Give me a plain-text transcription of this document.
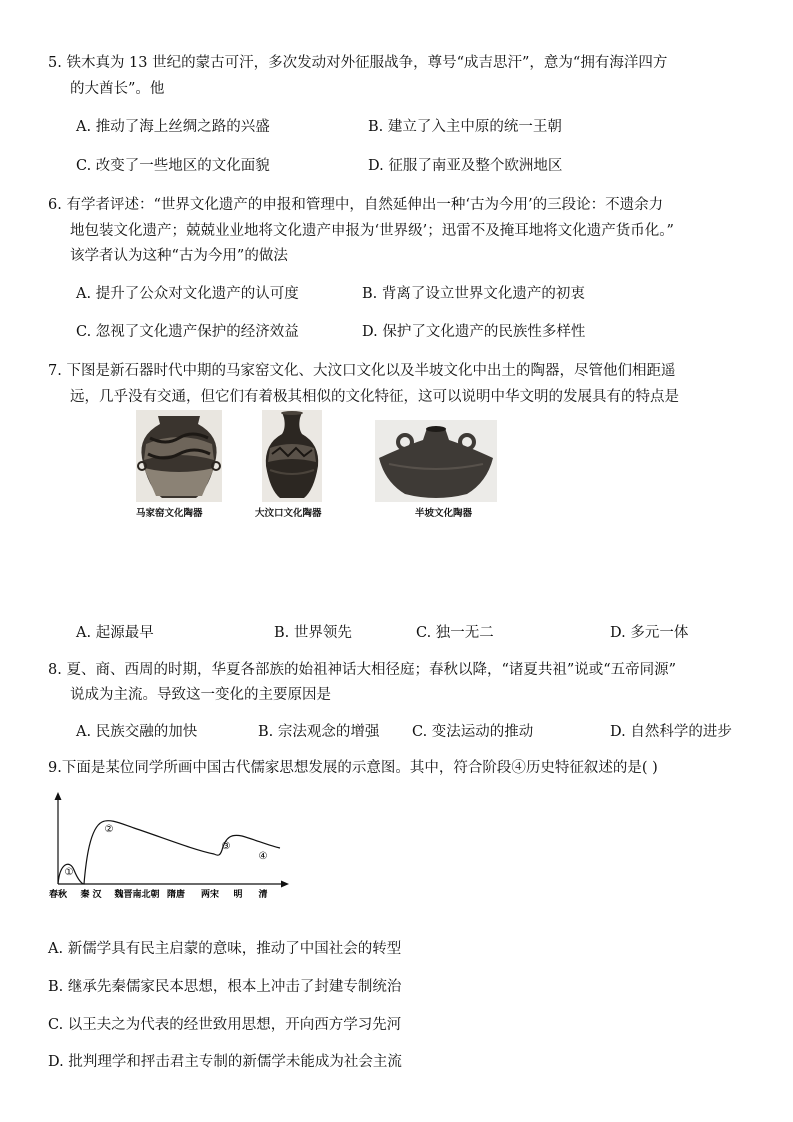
5. 铁木真为 13 世纪的蒙古可汗，多次发动对外征服战争，尊号“成吉思汗”，意为“拥有海洋四方
的大酋长”。他
A. 推动了海上丝绸之路的兴盛	B. 建立了入主中原的统一王朝
C. 改变了一些地区的文化面貌	D. 征服了南亚及整个欧洲地区
6. 有学者评述：“世界文化遗产的申报和管理中，自然延伸出一种‘古为今用’的三段论：不遗余力
地包装文化遗产；兢兢业业地将文化遗产申报为‘世界级’；迅雷不及掩耳地将文化遗产货币化。”
该学者认为这种“古为今用”的做法
A. 提升了公众对文化遗产的认可度	B. 背离了设立世界文化遗产的初衷
C. 忽视了文化遗产保护的经济效益	D. 保护了文化遗产的民族性多样性
7. 下图是新石器时代中期的马家窑文化、大汶口文化以及半坡文化中出土的陶器，尽管他们相距遥
远，几乎没有交通，但它们有着极其相似的文化特征，这可以说明中华文明的发展具有的特点是
马家窑文化陶器	大汶口文化陶器	半坡文化陶器
A. 起源最早	B. 世界领先	C. 独一无二	D. 多元一体
8. 夏、商、西周的时期，华夏各部族的始祖神话大相径庭；春秋以降，“诸夏共祖”说或“五帝同源”
说成为主流。导致这一变化的主要原因是
A. 民族交融的加快	B. 宗法观念的增强 C. 变法运动的推动	D. 自然科学的进步
9.下面是某位同学所画中国古代儒家思想发展的示意图。其中，符合阶段④历史特征叙述的是( )
①
②
③
④
春秋 秦 汉 魏晋南北朝 隋唐 两宋 明 清
A. 新儒学具有民主启蒙的意味，推动了中国社会的转型
B. 继承先秦儒家民本思想，根本上冲击了封建专制统治
C. 以王夫之为代表的经世致用思想，开向西方学习先河
D. 批判理学和抨击君主专制的新儒学未能成为社会主流
